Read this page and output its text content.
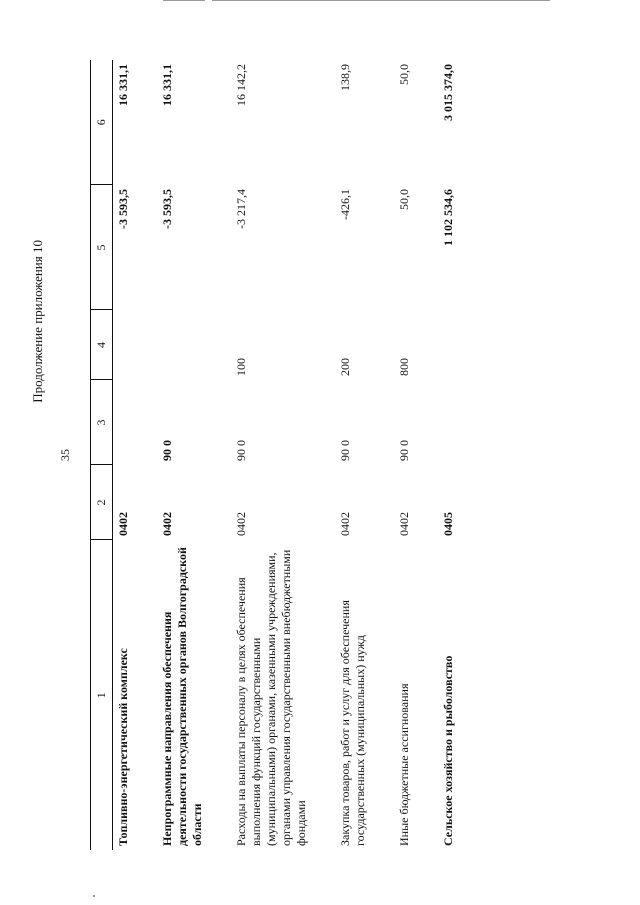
35
Продолжение приложения 10
1	2	3	4	5	6
Топливно-энергетический комплекс	0402			-3 593,5	16 331,1
Непрограммные направления обеспечения деятельности государственных органов Волгоградской области	0402	90 0		-3 593,5	16 331,1
Расходы на выплаты персоналу в целях обеспечения выполнения функций государственными (муниципальными) органами, казенными учреждениями, органами управления государственными внебюджетными фондами	0402	90 0	100	-3 217,4	16 142,2
Закупка товаров, работ и услуг для обеспечения государственных (муниципальных) нужд	0402	90 0	200	-426,1	138,9
Иные бюджетные ассигнования	0402	90 0	800	50,0	50,0
Сельское хозяйство и рыболовство	0405			1 102 534,6	3 015 374,0
